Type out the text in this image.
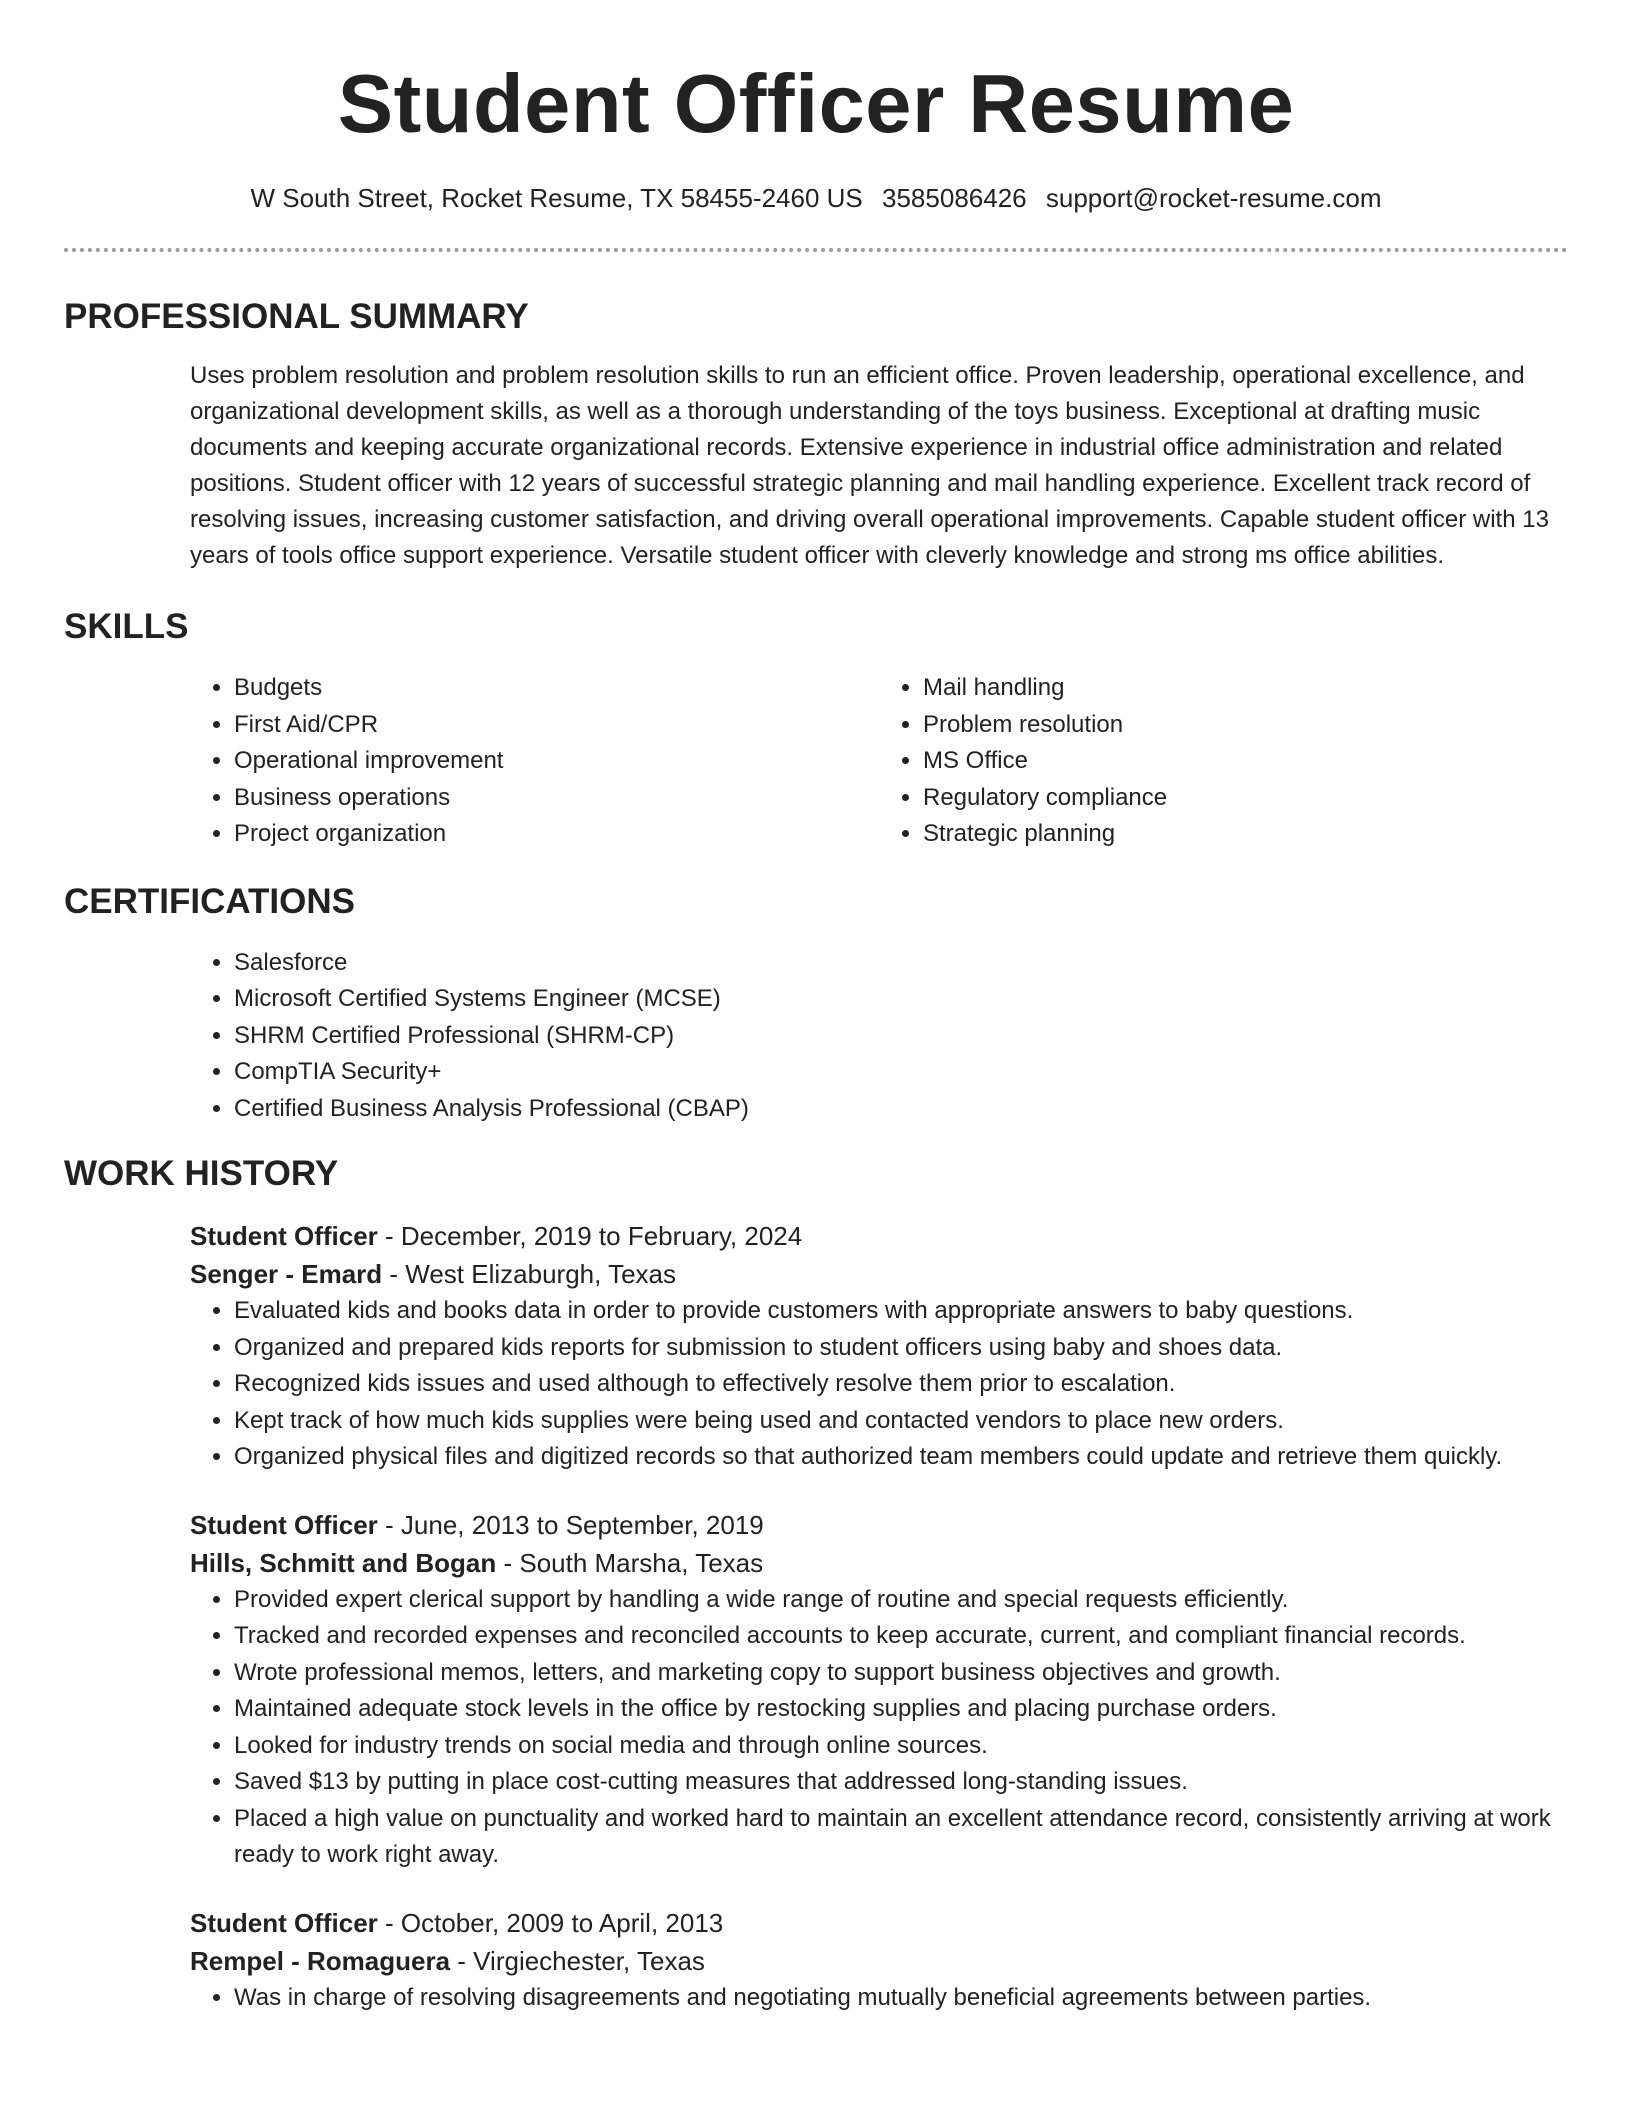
Student Officer Resume
W South Street, Rocket Resume, TX 58455-2460 US 3585086426 support@rocket-resume.com
PROFESSIONAL SUMMARY

Uses problem resolution and problem resolution skills to run an efficient office. Proven leadership, operational excellence, and organizational development skills, as well as a thorough understanding of the toys business. Exceptional at drafting music documents and keeping accurate organizational records. Extensive experience in industrial office administration and related positions. Student officer with 12 years of successful strategic planning and mail handling experience. Excellent track record of resolving issues, increasing customer satisfaction, and driving overall operational improvements. Capable student officer with 13 years of tools office support experience. Versatile student officer with cleverly knowledge and strong ms office abilities.

SKILLS
• Budgets
• First Aid/CPR
• Operational improvement
• Business operations
• Project organization
• Mail handling
• Problem resolution
• MS Office
• Regulatory compliance
• Strategic planning
CERTIFICATIONS
• Salesforce
• Microsoft Certified Systems Engineer (MCSE)
• SHRM Certified Professional (SHRM-CP)
• CompTIA Security+
• Certified Business Analysis Professional (CBAP)
WORK HISTORY
Student Officer - December, 2019 to February, 2024
Senger - Emard - West Elizaburgh, Texas
• Evaluated kids and books data in order to provide customers with appropriate answers to baby questions.
• Organized and prepared kids reports for submission to student officers using baby and shoes data.
• Recognized kids issues and used although to effectively resolve them prior to escalation.
• Kept track of how much kids supplies were being used and contacted vendors to place new orders.
• Organized physical files and digitized records so that authorized team members could update and retrieve them quickly.
Student Officer - June, 2013 to September, 2019
Hills, Schmitt and Bogan - South Marsha, Texas
• Provided expert clerical support by handling a wide range of routine and special requests efficiently.
• Tracked and recorded expenses and reconciled accounts to keep accurate, current, and compliant financial records.
• Wrote professional memos, letters, and marketing copy to support business objectives and growth.
• Maintained adequate stock levels in the office by restocking supplies and placing purchase orders.
• Looked for industry trends on social media and through online sources.
• Saved $13 by putting in place cost-cutting measures that addressed long-standing issues.
• Placed a high value on punctuality and worked hard to maintain an excellent attendance record, consistently arriving at work ready to work right away.
Student Officer - October, 2009 to April, 2013
Rempel - Romaguera - Virgiechester, Texas
• Was in charge of resolving disagreements and negotiating mutually beneficial agreements between parties.
